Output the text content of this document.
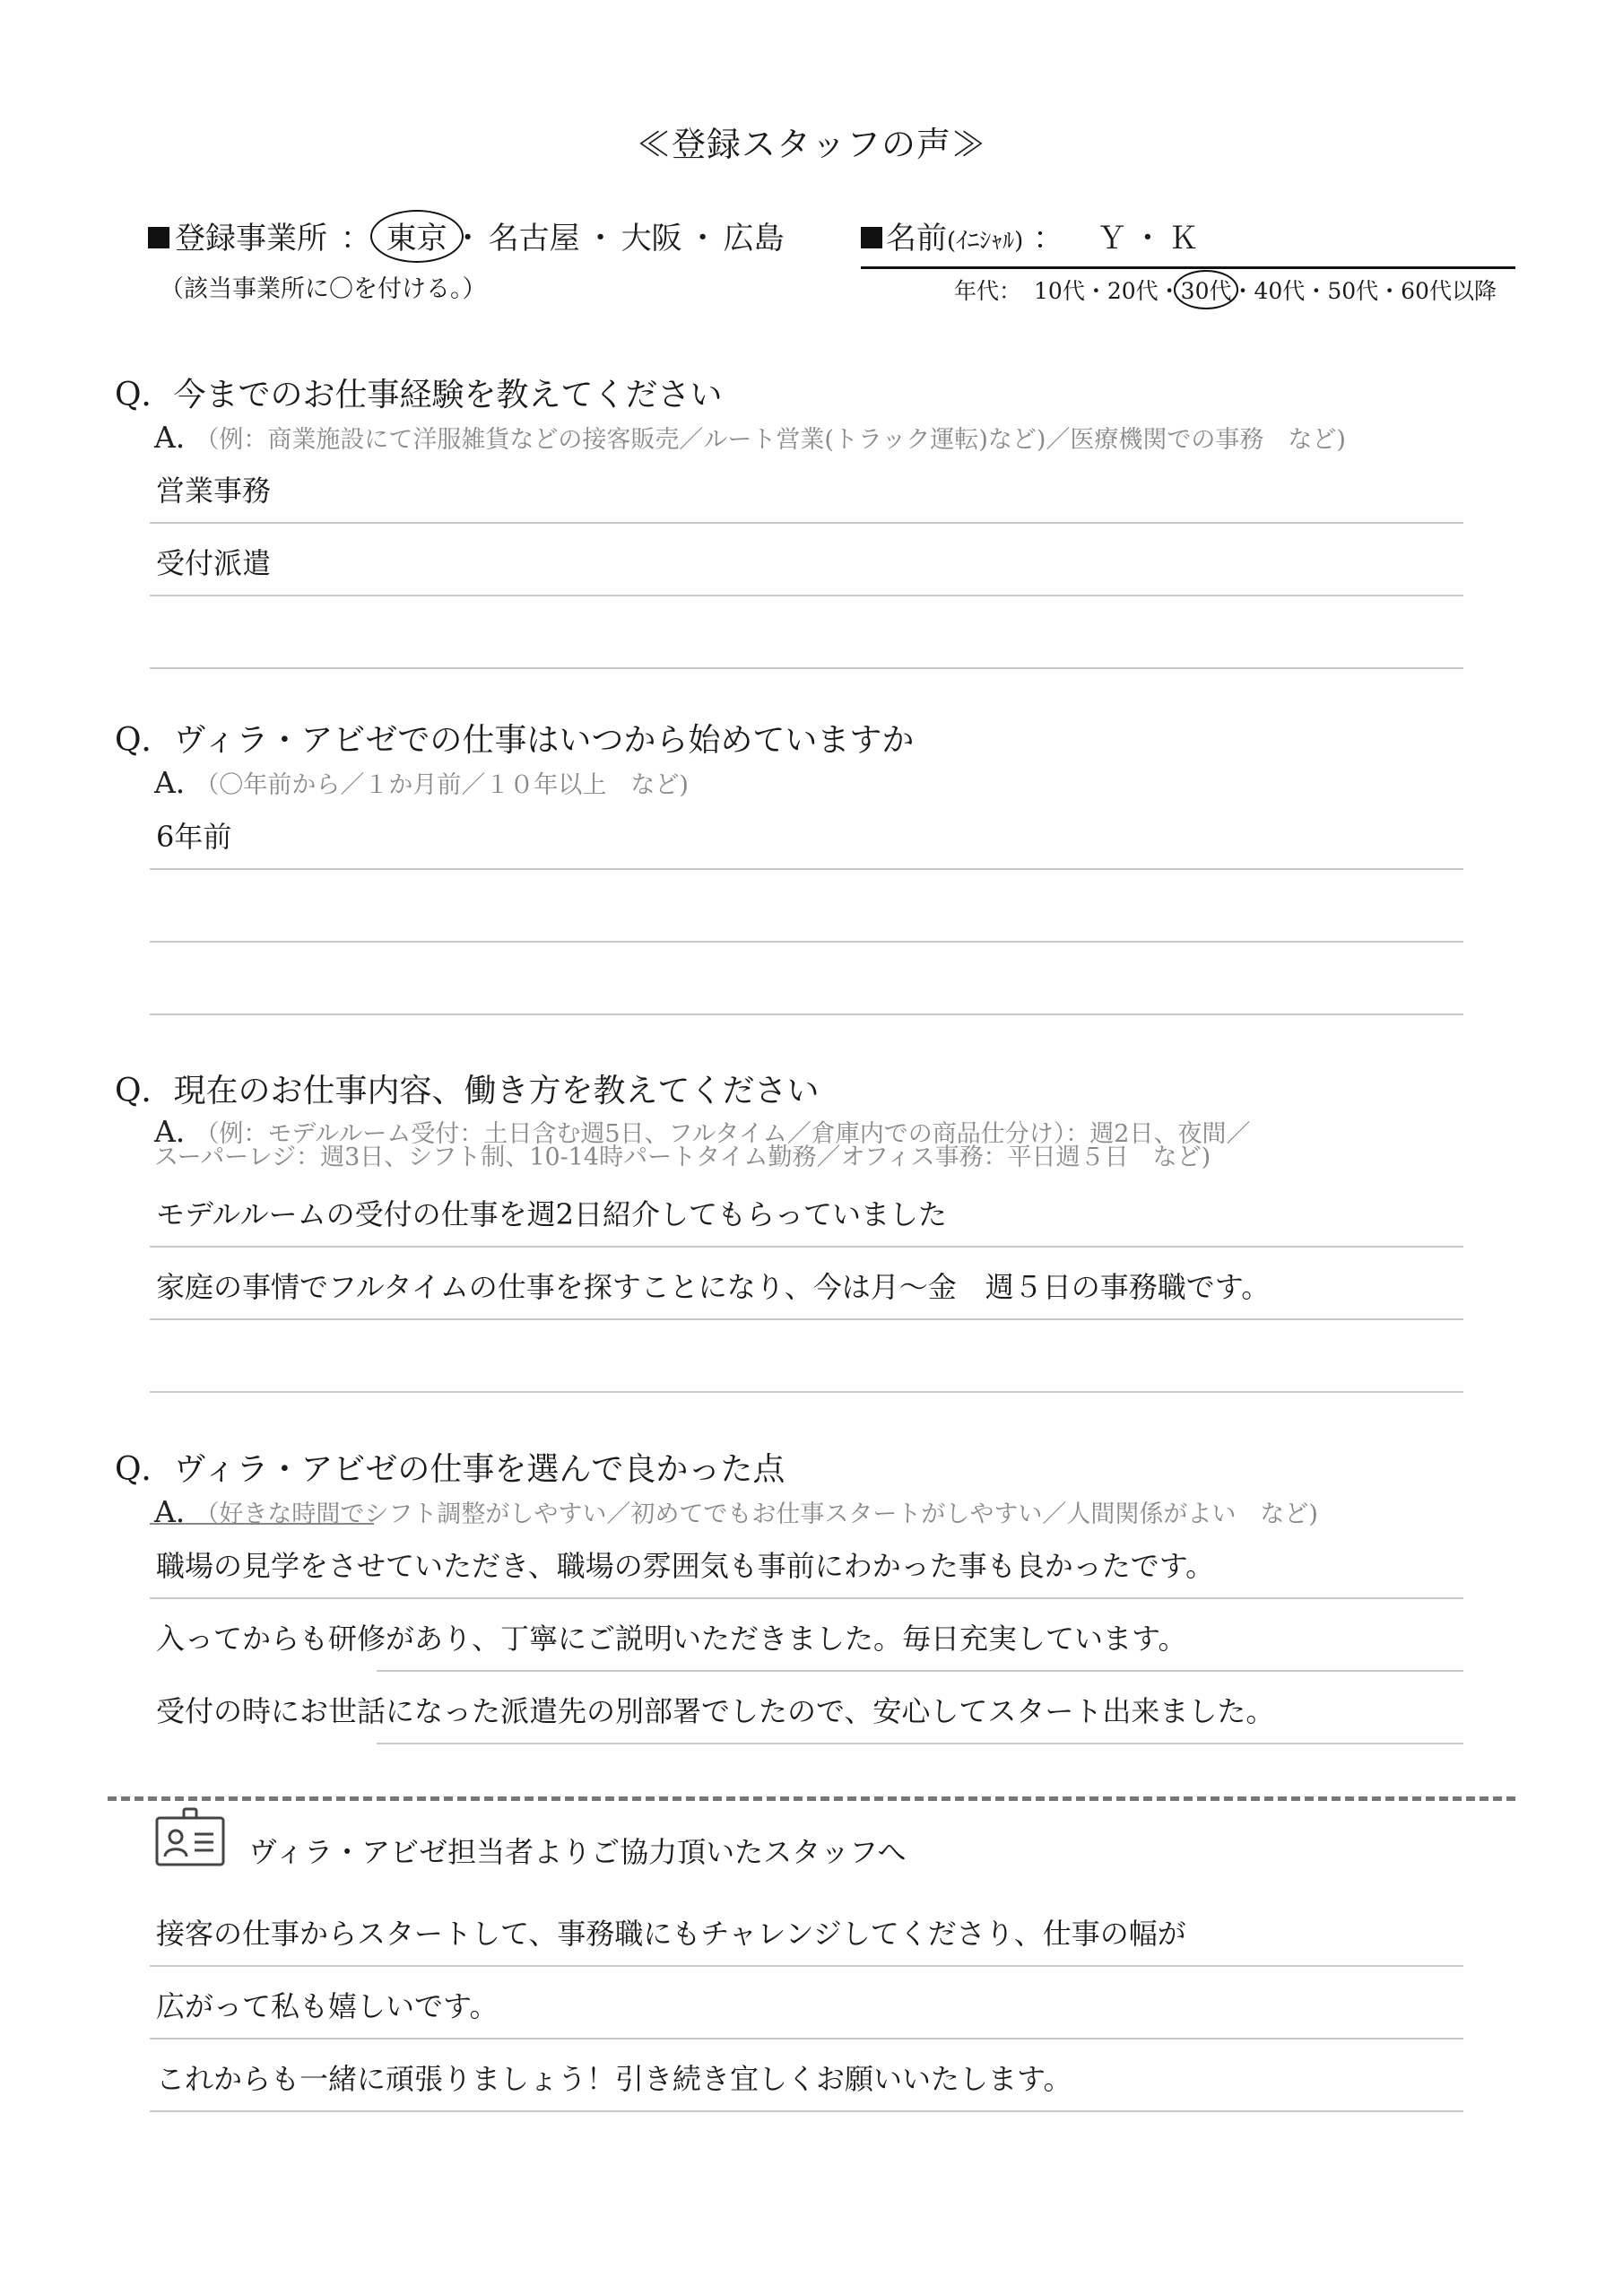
≪登録スタッフの声≫
登録事業所 ： 東京 ・ 名古屋 ・ 大阪 ・ 広島
（該当事業所に〇を付ける。）
名前(ｲﾆｼｬﾙ) ： Ｙ・Ｋ
年代： 10代・20代・30代・40代・50代・60代以降
Q．今までのお仕事経験を教えてください
A．（例：商業施設にて洋服雑貨などの接客販売／ルート営業(トラック運転)など)／医療機関での事務　など)
営業事務
受付派遣
Q．ヴィラ・アビゼでの仕事はいつから始めていますか
A．（〇年前から／１か月前／１０年以上　など)
6年前
Q．現在のお仕事内容、働き方を教えてください
A．（例：モデルルーム受付：土日含む週5日、フルタイム／倉庫内での商品仕分け）：週2日、夜間／
スーパーレジ：週3日、シフト制、10-14時パートタイム勤務／オフィス事務：平日週５日　など)
モデルルームの受付の仕事を週2日紹介してもらっていました
家庭の事情でフルタイムの仕事を探すことになり、今は月～金　週５日の事務職です。
Q．ヴィラ・アビゼの仕事を選んで良かった点
A．（好きな時間でシフト調整がしやすい／初めてでもお仕事スタートがしやすい／人間関係がよい　など)
職場の見学をさせていただき、職場の雰囲気も事前にわかった事も良かったです。
入ってからも研修があり、丁寧にご説明いただきました。毎日充実しています。
受付の時にお世話になった派遣先の別部署でしたので、安心してスタート出来ました。
ヴィラ・アビゼ担当者よりご協力頂いたスタッフへ
接客の仕事からスタートして、事務職にもチャレンジしてくださり、仕事の幅が
広がって私も嬉しいです。
これからも一緒に頑張りましょう！引き続き宜しくお願いいたします。
